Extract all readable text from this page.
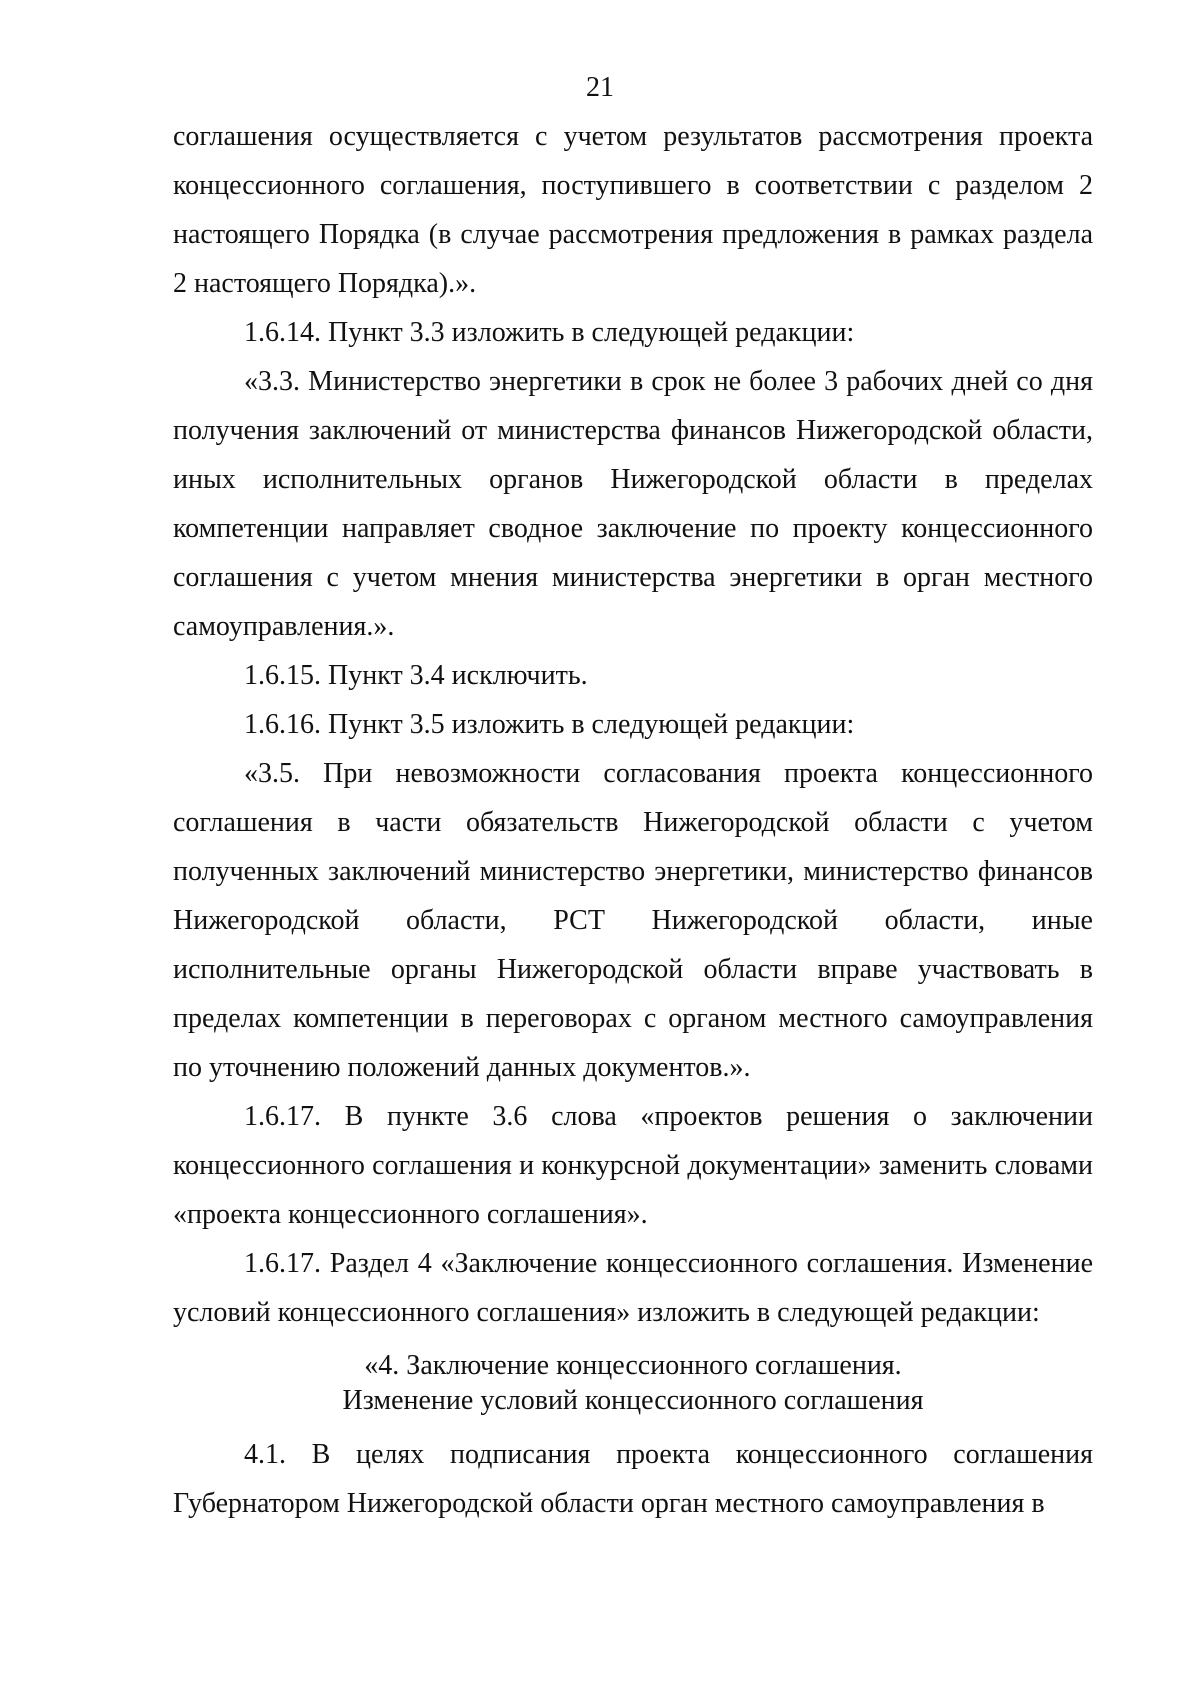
21

соглашения осуществляется с учетом результатов рассмотрения проекта концессионного соглашения, поступившего в соответствии с разделом 2 настоящего Порядка (в случае рассмотрения предложения в рамках раздела 2 настоящего Порядка).».

1.6.14. Пункт 3.3 изложить в следующей редакции:

«3.3. Министерство энергетики в срок не более 3 рабочих дней со дня получения заключений от министерства финансов Нижегородской области, иных исполнительных органов Нижегородской области в пределах компетенции направляет сводное заключение по проекту концессионного соглашения с учетом мнения министерства энергетики в орган местного самоуправления.».

1.6.15. Пункт 3.4 исключить.

1.6.16. Пункт 3.5 изложить в следующей редакции:

«3.5. При невозможности согласования проекта концессионного соглашения в части обязательств Нижегородской области с учетом полученных заключений министерство энергетики, министерство финансов Нижегородской области, РСТ Нижегородской области, иные исполнительные органы Нижегородской области вправе участвовать в пределах компетенции в переговорах с органом местного самоуправления по уточнению положений данных документов.».

1.6.17. В пункте 3.6 слова «проектов решения о заключении концессионного соглашения и конкурсной документации» заменить словами «проекта концессионного соглашения».

1.6.17. Раздел 4 «Заключение концессионного соглашения. Изменение условий концессионного соглашения» изложить в следующей редакции:

«4. Заключение концессионного соглашения.
Изменение условий концессионного соглашения

4.1. В целях подписания проекта концессионного соглашения Губернатором Нижегородской области орган местного самоуправления в
